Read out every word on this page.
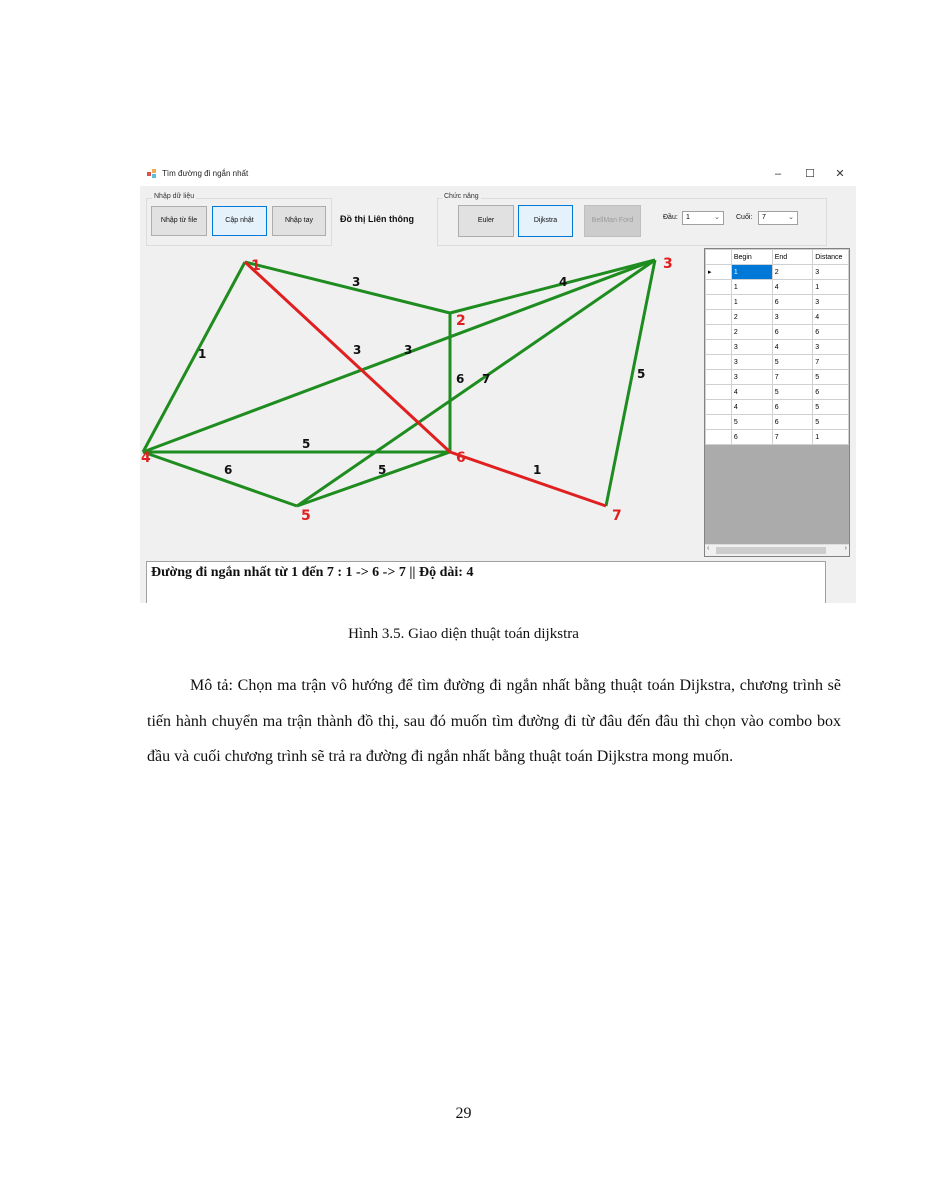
Tìm đường đi ngắn nhất	–	☐	✕
Nhập dữ liệu
Nhập từ file	Cập nhật	Nhập tay	Đồ thị Liên thông
Chức năng
Euler	Dijkstra	BellMan Ford	Đầu: 1	⌄ Cuối: 7	⌄
3
1	3
4
6
3
7	5
6
5
5	1
1
2
3
4
5
6
7
	Begin	End	Distance
▸	1	2	3
	1	4	1
	1	6	3
	2	3	4
	2	6	6
	3	4	3
	3	5	7
	3	7	5
	4	5	6
	4	6	5
	5	6	5
	6	7	1
‹	›
Đường đi ngắn nhất từ 1 đến 7 : 1 -> 6 -> 7 || Độ dài: 4
Hình 3.5. Giao diện thuật toán dijkstra

Mô tả: Chọn ma trận vô hướng để tìm đường đi ngắn nhất bằng thuật toán Dijkstra, chương trình sẽ tiến hành chuyển ma trận thành đồ thị, sau đó muốn tìm đường đi từ đâu đến đâu thì chọn vào combo box đầu và cuối chương trình sẽ trả ra đường đi ngắn nhất bằng thuật toán Dijkstra mong muốn.

29
